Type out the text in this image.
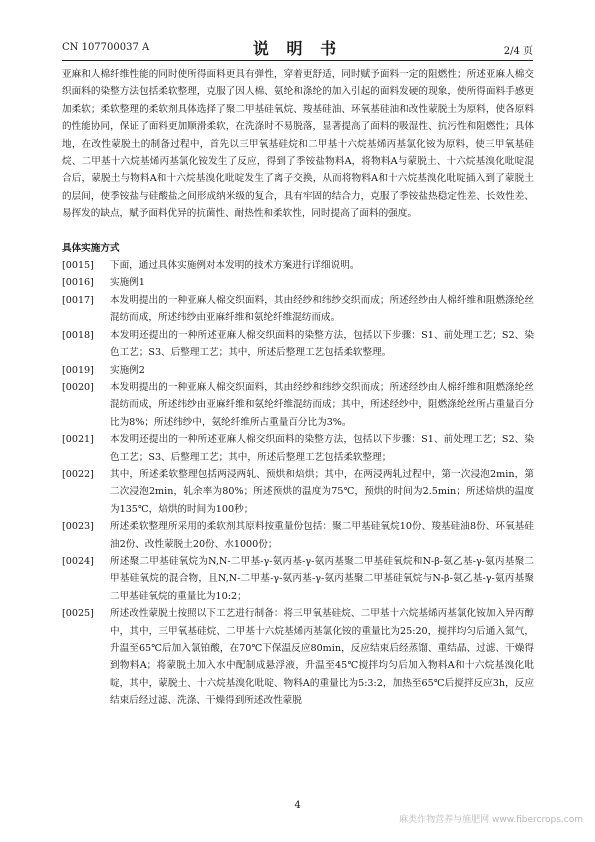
CN 107700037 A	说 明 书	2/4 页

亚麻和人棉纤维性能的同时使所得面料更具有弹性，穿着更舒适，同时赋予面料一定的阻燃性；所述亚麻人棉交织面料的染整方法包括柔软整理，克服了因人棉、氨纶和涤纶的加入引起的面料发硬的现象，使所得面料手感更加柔软；柔软整理的柔软剂具体选择了聚二甲基硅氧烷、羧基硅油、环氧基硅油和改性蒙脱土为原料，使各原料的性能协同，保证了面料更加顺滑柔软，在洗涤时不易脱落，显著提高了面料的吸湿性、抗污性和阻燃性；具体地，在改性蒙脱土的制备过程中，首先以三甲氧基硅烷和二甲基十六烷基烯丙基氯化铵为原料，使三甲氧基硅烷、二甲基十六烷基烯丙基氯化铵发生了反应，得到了季铵盐物料A，将物料A与蒙脱土、十六烷基溴化吡啶混合后，蒙脱土与物料A和十六烷基溴化吡啶发生了离子交换，从而将物料A和十六烷基溴化吡啶插入到了蒙脱土的层间，使季铵盐与硅酸盐之间形成纳米级的复合，具有牢固的结合力，克服了季铵盐热稳定性差、长效性差、易挥发的缺点，赋予面料优异的抗菌性、耐热性和柔软性，同时提高了面料的强度。

具体实施方式

[0015]	下面，通过具体实施例对本发明的技术方案进行详细说明。
[0016]	实施例1
[0017]	本发明提出的一种亚麻人棉交织面料，其由经纱和纬纱交织而成；所述经纱由人棉纤维和阻燃涤纶丝混纺而成，所述纬纱由亚麻纤维和氨纶纤维混纺而成。
[0018]	本发明还提出的一种所述亚麻人棉交织面料的染整方法，包括以下步骤：S1、前处理工艺；S2、染色工艺；S3、后整理工艺；其中，所述后整理工艺包括柔软整理。
[0019]	实施例2
[0020]	本发明提出的一种亚麻人棉交织面料，其由经纱和纬纱交织而成；所述经纱由人棉纤维和阻燃涤纶丝混纺而成，所述纬纱由亚麻纤维和氨纶纤维混纺而成；其中，所述经纱中，阻燃涤纶丝所占重量百分比为8%；所述纬纱中，氨纶纤维所占重量百分比为3%。
[0021]	本发明还提出的一种所述亚麻人棉交织面料的染整方法，包括以下步骤：S1、前处理工艺；S2、染色工艺；S3、后整理工艺；其中，所述后整理工艺包括柔软整理；
[0022]	其中，所述柔软整理包括两浸两轧、预烘和焙烘；其中，在两浸两轧过程中，第一次浸泡2min，第二次浸泡2min，轧余率为80%；所述预烘的温度为75℃，预烘的时间为2.5min；所述焙烘的温度为135℃，焙烘的时间为100秒；
[0023]	所述柔软整理所采用的柔软剂其原料按重量份包括：聚二甲基硅氧烷10份、羧基硅油8份、环氧基硅油2份、改性蒙脱土20份、水1000份；
[0024]	所述聚二甲基硅氧烷为N,N-二甲基-γ-氨丙基-γ-氨丙基聚二甲基硅氧烷和N-β-氨乙基-γ-氨丙基聚二甲基硅氧烷的混合物，且N,N-二甲基-γ-氨丙基-γ-氨丙基聚二甲基硅氧烷与N-β-氨乙基-γ-氨丙基聚二甲基硅氧烷的重量比为10:2；
[0025]	所述改性蒙脱土按照以下工艺进行制备：将三甲氧基硅烷、二甲基十六烷基烯丙基氯化铵加入异丙醇中，其中，三甲氧基硅烷、二甲基十六烷基烯丙基氯化铵的重量比为25:20，搅拌均匀后通入氮气，升温至65℃后加入氯铂酸，在70℃下保温反应80min，反应结束后经蒸馏、重结晶、过滤、干燥得到物料A；将蒙脱土加入水中配制成悬浮液，升温至45℃搅拌均匀后加入物料A和十六烷基溴化吡啶，其中，蒙脱土、十六烷基溴化吡啶、物料A的重量比为5:3:2，加热至65℃后搅拌反应3h，反应结束后经过滤、洗涤、干燥得到所述改性蒙脱
4
麻类作物营养与施肥网 www.fibercrops.com
